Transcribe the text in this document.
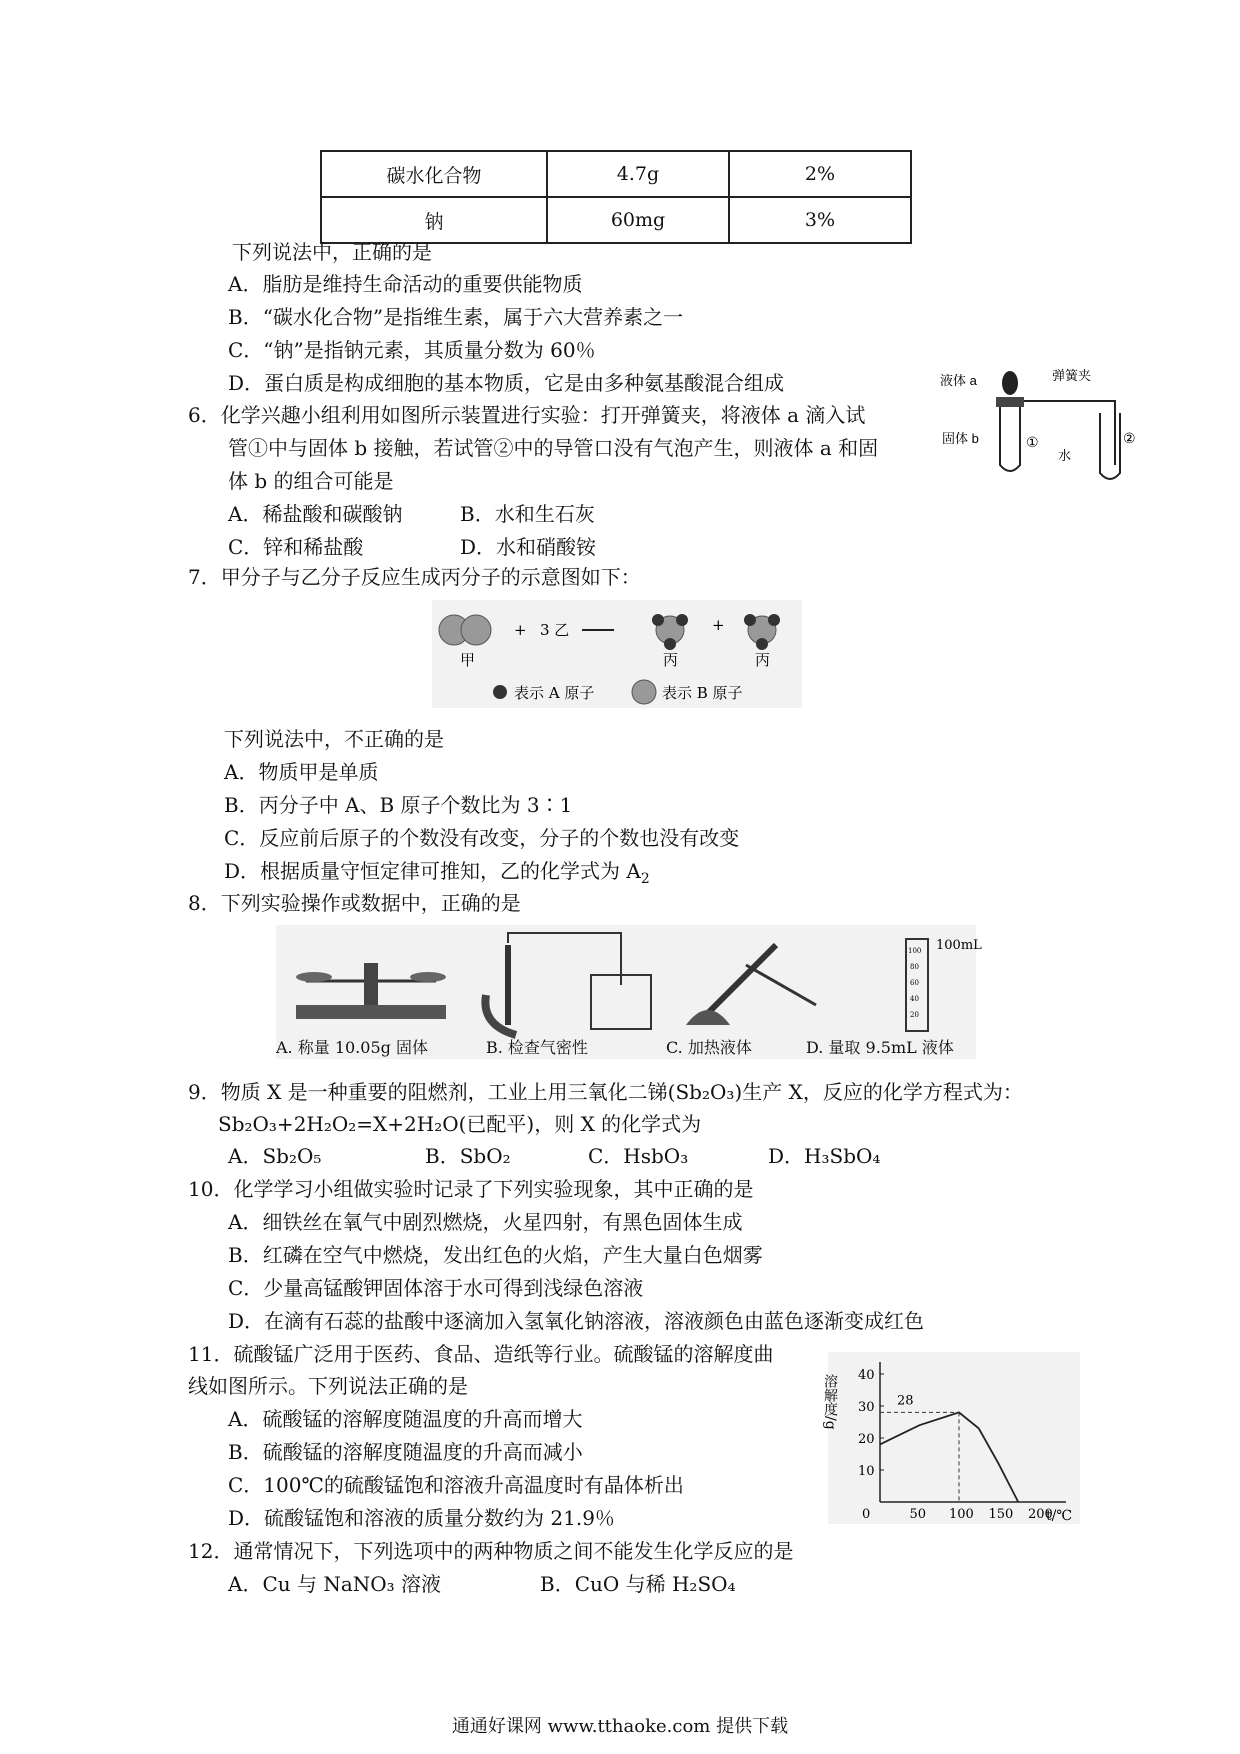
碳水化合物	4.7g	2%
钠	60mg	3%
下列说法中，正确的是
A．脂肪是维持生命活动的重要供能物质
B．“碳水化合物”是指维生素，属于六大营养素之一
C．“钠”是指钠元素，其质量分数为 60％
D．蛋白质是构成细胞的基本物质，它是由多种氨基酸混合组成
6．化学兴趣小组利用如图所示装置进行实验：打开弹簧夹，将液体 a 滴入试
管①中与固体 b 接触，若试管②中的导管口没有气泡产生，则液体 a 和固
体 b 的组合可能是
A．稀盐酸和碳酸钠	B．水和生石灰
C．锌和稀盐酸	D．水和硝酸铵
液体 a	弹簧夹
固体 b
水
①	②
7．甲分子与乙分子反应生成丙分子的示意图如下：
甲
+ 3 乙
丙
+
丙
表示 A 原子	表示 B 原子
下列说法中，不正确的是
A．物质甲是单质
B．丙分子中 A、B 原子个数比为 3∶1
C．反应前后原子的个数没有改变，分子的个数也没有改变
D．根据质量守恒定律可推知，乙的化学式为 $A_2$
8．下列实验操作或数据中，正确的是
100mL
100
80
60
40
20
A. 称量 10.05g 固体	B. 检查气密性	C. 加热液体	D. 量取 9.5mL 液体
9．物质 X 是一种重要的阻燃剂，工业上用三氧化二锑(Sb₂O₃)生产 X，反应的化学方程式为：
Sb₂O₃+2H₂O₂=X+2H₂O(已配平)，则 X 的化学式为
A．Sb₂O₅	B．SbO₂	C．HsbO₃	D．H₃SbO₄
10．化学学习小组做实验时记录了下列实验现象，其中正确的是
A．细铁丝在氧气中剧烈燃烧，火星四射，有黑色固体生成
B．红磷在空气中燃烧，发出红色的火焰，产生大量白色烟雾
C．少量高锰酸钾固体溶于水可得到浅绿色溶液
D．在滴有石蕊的盐酸中逐滴加入氢氧化钠溶液，溶液颜色由蓝色逐渐变成红色
11．硫酸锰广泛用于医药、食品、造纸等行业。硫酸锰的溶解度曲
线如图所示。下列说法正确的是
A．硫酸锰的溶解度随温度的升高而增大
B．硫酸锰的溶解度随温度的升高而减小
C．100℃的硫酸锰饱和溶液升高温度时有晶体析出
D．硫酸锰饱和溶液的质量分数约为 21.9％
溶解度/g
t/℃
0	50 100 150 200
10
20
30
40
28
12．通常情况下，下列选项中的两种物质之间不能发生化学反应的是
A．Cu 与 NaNO₃ 溶液	B．CuO 与稀 H₂SO₄
通通好课网 www.tthaoke.com 提供下载
